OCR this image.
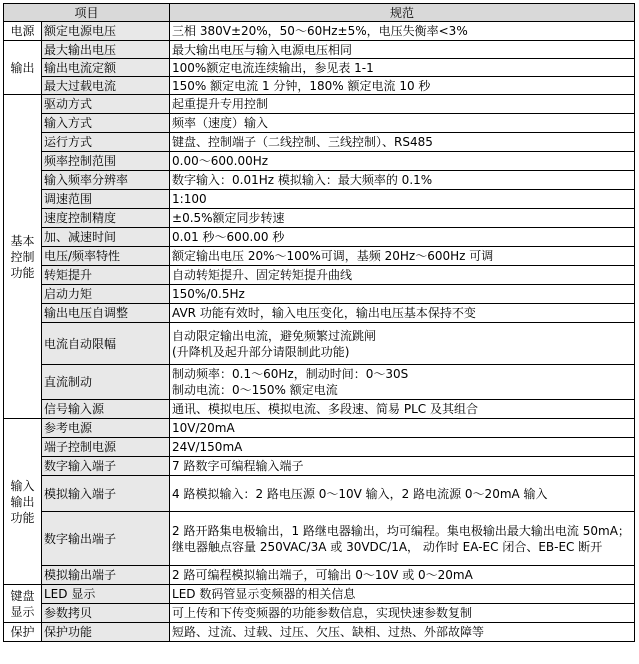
项目		规范
电源	额定电源电压	三相 380V±20%，50～60Hz±5%，电压失衡率<3%
输出	最大输出电压	最大输出电压与输入电源电压相同
	输出电流定额	100%额定电流连续输出，参见表 1-1
	最大过载电流	150% 额定电流 1 分钟，180% 额定电流 10 秒
基本控制功能	驱动方式	起重提升专用控制
	输入方式	频率（速度）输入
	运行方式	键盘、控制端子（二线控制、三线控制）、RS485
	频率控制范围	0.00～600.00Hz
	输入频率分辨率	数字输入：0.01Hz 模拟输入：最大频率的 0.1%
	调速范围	1:100
	速度控制精度	±0.5%额定同步转速
	加、减速时间	0.01 秒～600.00 秒
	电压/频率特性	额定输出电压 20%～100%可调，基频 20Hz～600Hz 可调
	转矩提升	自动转矩提升、固定转矩提升曲线
	启动力矩	150%/0.5Hz
	输出电压自调整	AVR 功能有效时，输入电压变化，输出电压基本保持不变
	电流自动限幅	自动限定输出电流，避免频繁过流跳闸
(升降机及起升部分请限制此功能)
	直流制动	制动频率：0.1～60Hz，制动时间：0～30S
制动电流：0～150% 额定电流
	信号输入源	通讯、模拟电压、模拟电流、多段速、简易 PLC 及其组合
输入输出功能	参考电源	10V/20mA
	端子控制电源	24V/150mA
	数字输入端子	7 路数字可编程输入端子
	模拟输入端子	4 路模拟输入：2 路电压源 0～10V 输入，2 路电流源 0～20mA 输入
	数字输出端子	2 路开路集电极输出，1 路继电器输出，均可编程。集电极输出最大输出电流 50mA；继电器触点容量 250VAC/3A 或 30VDC/1A， 动作时 EA-EC 闭合、EB-EC 断开
	模拟输出端子	2 路可编程模拟输出端子，可输出 0～10V 或 0～20mA
键盘显示	LED 显示	LED 数码管显示变频器的相关信息
	参数拷贝	可上传和下传变频器的功能参数信息，实现快速参数复制
保护	保护功能	短路、过流、过载、过压、欠压、缺相、过热、外部故障等
